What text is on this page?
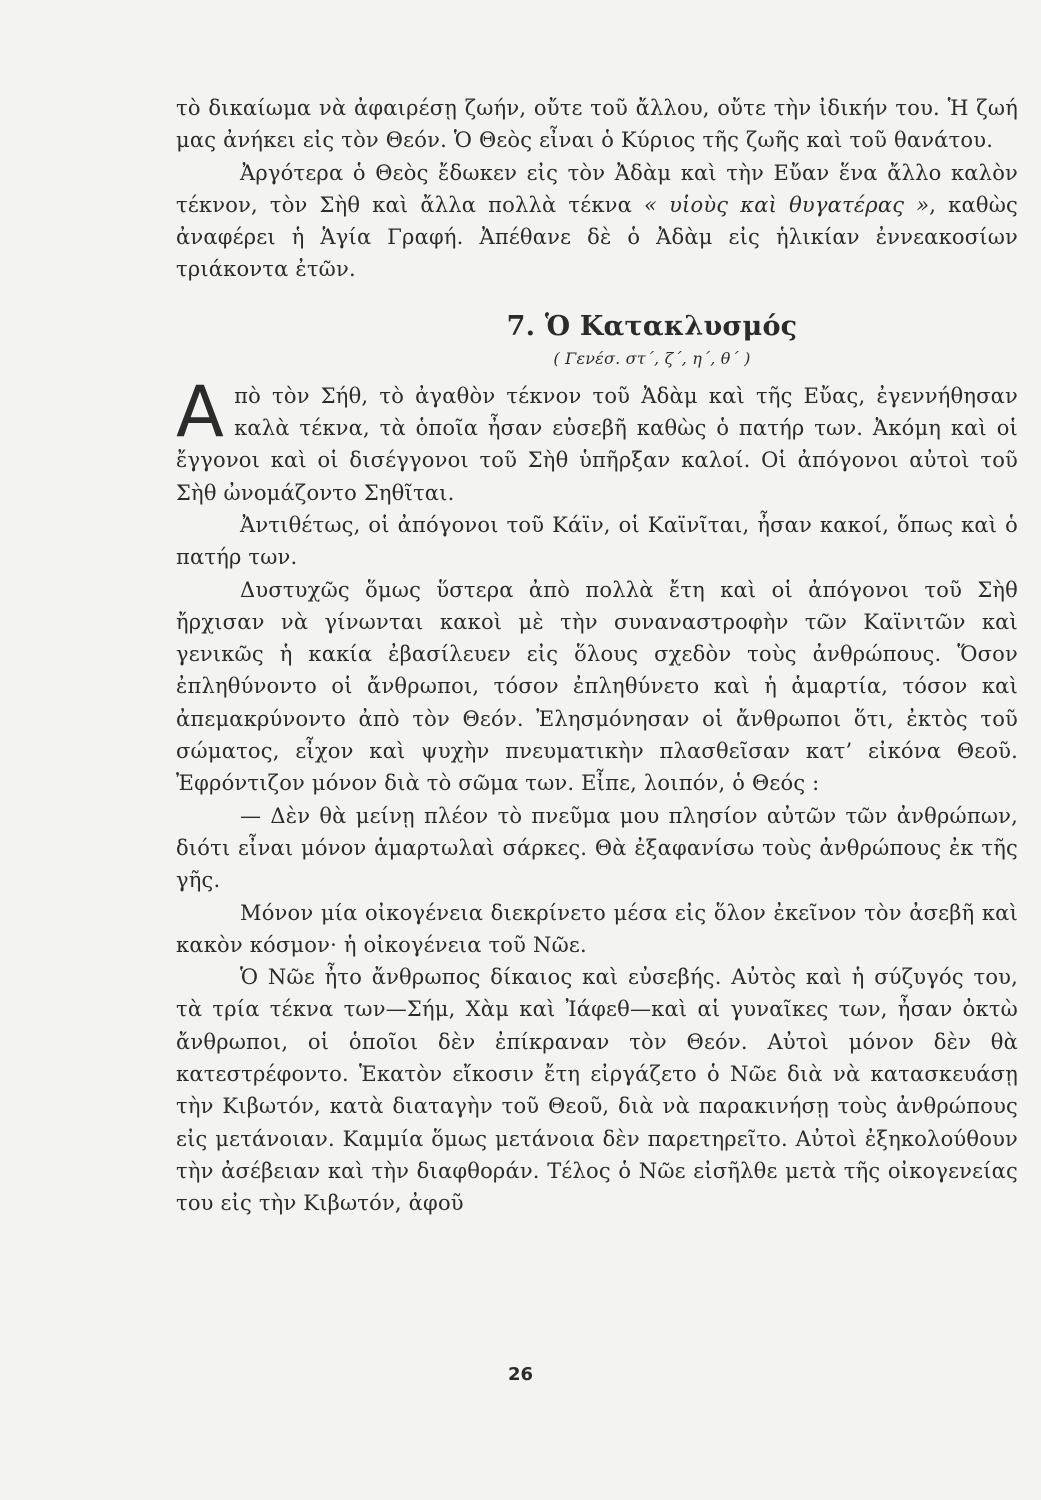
τὸ δικαίωμα νὰ ἀφαιρέσῃ ζωήν, οὔτε τοῦ ἄλλου, οὔτε τὴν ἰδικήν του. Ἡ ζωή μας ἀνήκει εἰς τὸν Θεόν. Ὁ Θεὸς εἶναι ὁ Κύριος τῆς ζωῆς καὶ τοῦ θανάτου.

Ἀργότερα ὁ Θεὸς ἔδωκεν εἰς τὸν Ἀδὰμ καὶ τὴν Εὔαν ἕνα ἄλλο καλὸν τέκνον, τὸν Σὴθ καὶ ἄλλα πολλὰ τέκνα « υἱοὺς καὶ θυγατέρας », καθὼς ἀναφέρει ἡ Ἁγία Γραφή. Ἀπέθανε δὲ ὁ Ἀδὰμ εἰς ἡλικίαν ἐννεακοσίων τριάκοντα ἐτῶν.

7. Ὁ Κατακλυσμός

( Γενέσ. στ΄, ζ΄, η΄, θ΄ )

Απὸ τὸν Σήθ, τὸ ἀγαθὸν τέκνον τοῦ Ἀδὰμ καὶ τῆς Εὔας, ἐγεννήθησαν καλὰ τέκνα, τὰ ὁποῖα ἦσαν εὐσεβῆ καθὼς ὁ πατήρ των. Ἀκόμη καὶ οἱ ἔγγονοι καὶ οἱ δισέγγονοι τοῦ Σὴθ ὑπῆρξαν καλοί. Οἱ ἀπόγονοι αὐτοὶ τοῦ Σὴθ ὠνομάζοντο Σηθῖται.

Ἀντιθέτως, οἱ ἀπόγονοι τοῦ Κάϊν, οἱ Καϊνῖται, ἦσαν κακοί, ὅπως καὶ ὁ πατήρ των.

Δυστυχῶς ὅμως ὕστερα ἀπὸ πολλὰ ἔτη καὶ οἱ ἀπόγονοι τοῦ Σὴθ ἤρχισαν νὰ γίνωνται κακοὶ μὲ τὴν συναναστροφὴν τῶν Καϊνιτῶν καὶ γενικῶς ἡ κακία ἐβασίλευεν εἰς ὅλους σχεδὸν τοὺς ἀνθρώπους. Ὅσον ἐπληθύνοντο οἱ ἄνθρωποι, τόσον ἐπληθύνετο καὶ ἡ ἁμαρτία, τόσον καὶ ἀπεμακρύνοντο ἀπὸ τὸν Θεόν. Ἐλησμόνησαν οἱ ἄνθρωποι ὅτι, ἐκτὸς τοῦ σώματος, εἶχον καὶ ψυχὴν πνευματικὴν πλασθεῖσαν κατ’ εἰκόνα Θεοῦ. Ἐφρόντιζον μόνον διὰ τὸ σῶμα των. Εἶπε, λοιπόν, ὁ Θεός :

— Δὲν θὰ μείνῃ πλέον τὸ πνεῦμα μου πλησίον αὐτῶν τῶν ἀνθρώπων, διότι εἶναι μόνον ἁμαρτωλαὶ σάρκες. Θὰ ἐξαφανίσω τοὺς ἀνθρώπους ἐκ τῆς γῆς.

Μόνον μία οἰκογένεια διεκρίνετο μέσα εἰς ὅλον ἐκεῖνον τὸν ἀσεβῆ καὶ κακὸν κόσμον· ἡ οἰκογένεια τοῦ Νῶε.

Ὁ Νῶε ἦτο ἄνθρωπος δίκαιος καὶ εὐσεβής. Αὐτὸς καὶ ἡ σύζυγός του, τὰ τρία τέκνα των—Σήμ, Χὰμ καὶ Ἰάφεθ—καὶ αἱ γυναῖκες των, ἦσαν ὀκτὼ ἄνθρωποι, οἱ ὁποῖοι δὲν ἐπίκραναν τὸν Θεόν. Αὐτοὶ μόνον δὲν θὰ κατεστρέφοντο. Ἑκατὸν εἴκοσιν ἔτη εἰργάζετο ὁ Νῶε διὰ νὰ κατασκευάσῃ τὴν Κιβωτόν, κατὰ διαταγὴν τοῦ Θεοῦ, διὰ νὰ παρακινήσῃ τοὺς ἀνθρώπους εἰς μετάνοιαν. Καμμία ὅμως μετάνοια δὲν παρετηρεῖτο. Αὐτοὶ ἐξηκολούθουν τὴν ἀσέβειαν καὶ τὴν διαφθοράν. Τέλος ὁ Νῶε εἰσῆλθε μετὰ τῆς οἰκογενείας του εἰς τὴν Κιβωτόν, ἀφοῦ

26
